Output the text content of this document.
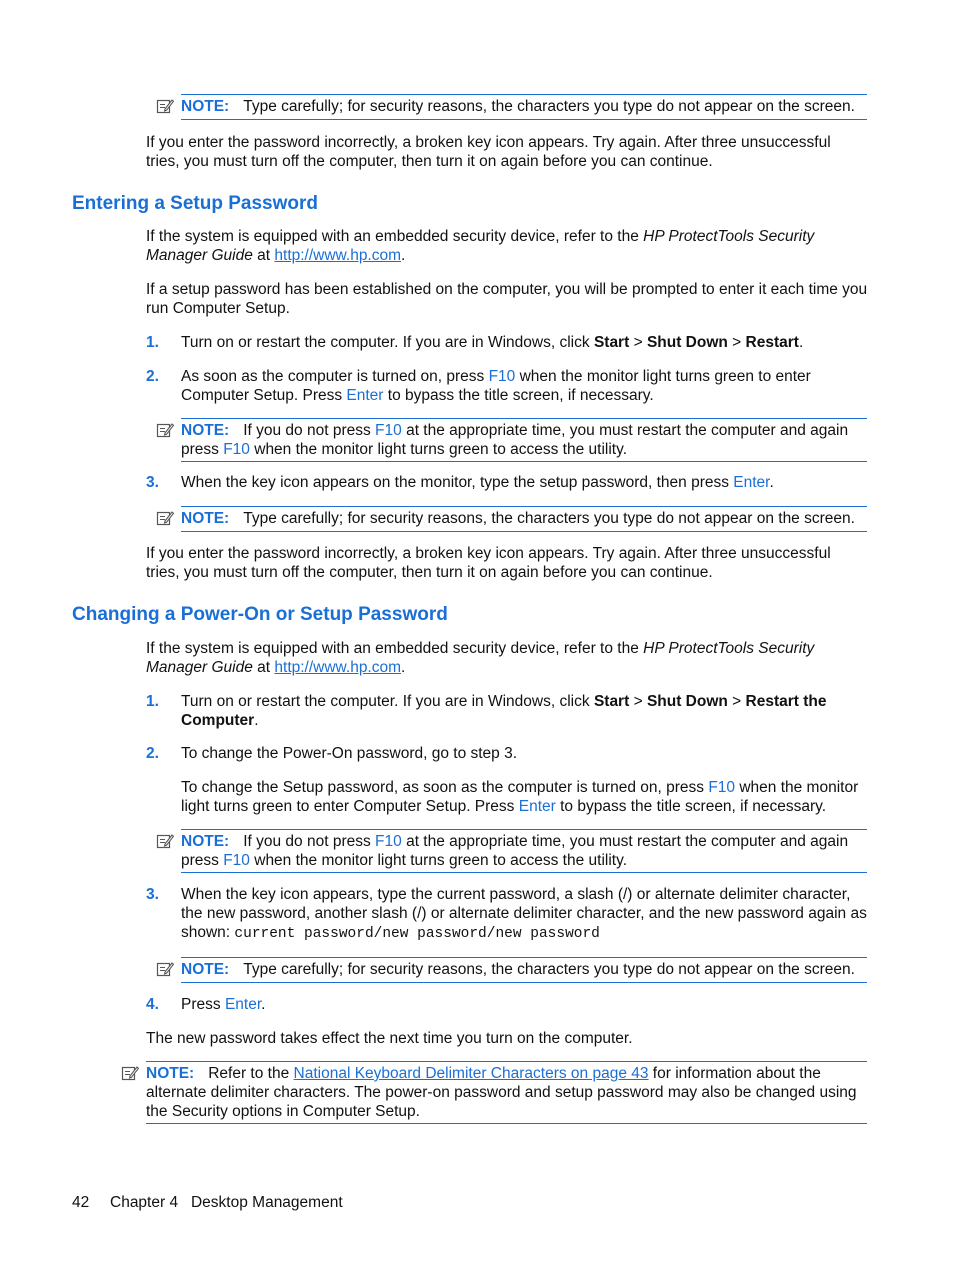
NOTE: Type carefully; for security reasons, the characters you type do not appear on the screen.
If you enter the password incorrectly, a broken key icon appears. Try again. After three unsuccessful tries, you must turn off the computer, then turn it on again before you can continue.
Entering a Setup Password
If the system is equipped with an embedded security device, refer to the HP ProtectTools Security Manager Guide at http://www.hp.com.
If a setup password has been established on the computer, you will be prompted to enter it each time you run Computer Setup.
1. Turn on or restart the computer. If you are in Windows, click Start > Shut Down > Restart.
2. As soon as the computer is turned on, press F10 when the monitor light turns green to enter Computer Setup. Press Enter to bypass the title screen, if necessary.
NOTE: If you do not press F10 at the appropriate time, you must restart the computer and again press F10 when the monitor light turns green to access the utility.
3. When the key icon appears on the monitor, type the setup password, then press Enter.
NOTE: Type carefully; for security reasons, the characters you type do not appear on the screen.
If you enter the password incorrectly, a broken key icon appears. Try again. After three unsuccessful tries, you must turn off the computer, then turn it on again before you can continue.
Changing a Power-On or Setup Password
If the system is equipped with an embedded security device, refer to the HP ProtectTools Security Manager Guide at http://www.hp.com.
1. Turn on or restart the computer. If you are in Windows, click Start > Shut Down > Restart the Computer.
2. To change the Power-On password, go to step 3.
To change the Setup password, as soon as the computer is turned on, press F10 when the monitor light turns green to enter Computer Setup. Press Enter to bypass the title screen, if necessary.
NOTE: If you do not press F10 at the appropriate time, you must restart the computer and again press F10 when the monitor light turns green to access the utility.
3. When the key icon appears, type the current password, a slash (/) or alternate delimiter character, the new password, another slash (/) or alternate delimiter character, and the new password again as shown: current password/new password/new password
NOTE: Type carefully; for security reasons, the characters you type do not appear on the screen.
4. Press Enter.
The new password takes effect the next time you turn on the computer.
NOTE: Refer to the National Keyboard Delimiter Characters on page 43 for information about the alternate delimiter characters. The power-on password and setup password may also be changed using the Security options in Computer Setup.
42 Chapter 4   Desktop Management
